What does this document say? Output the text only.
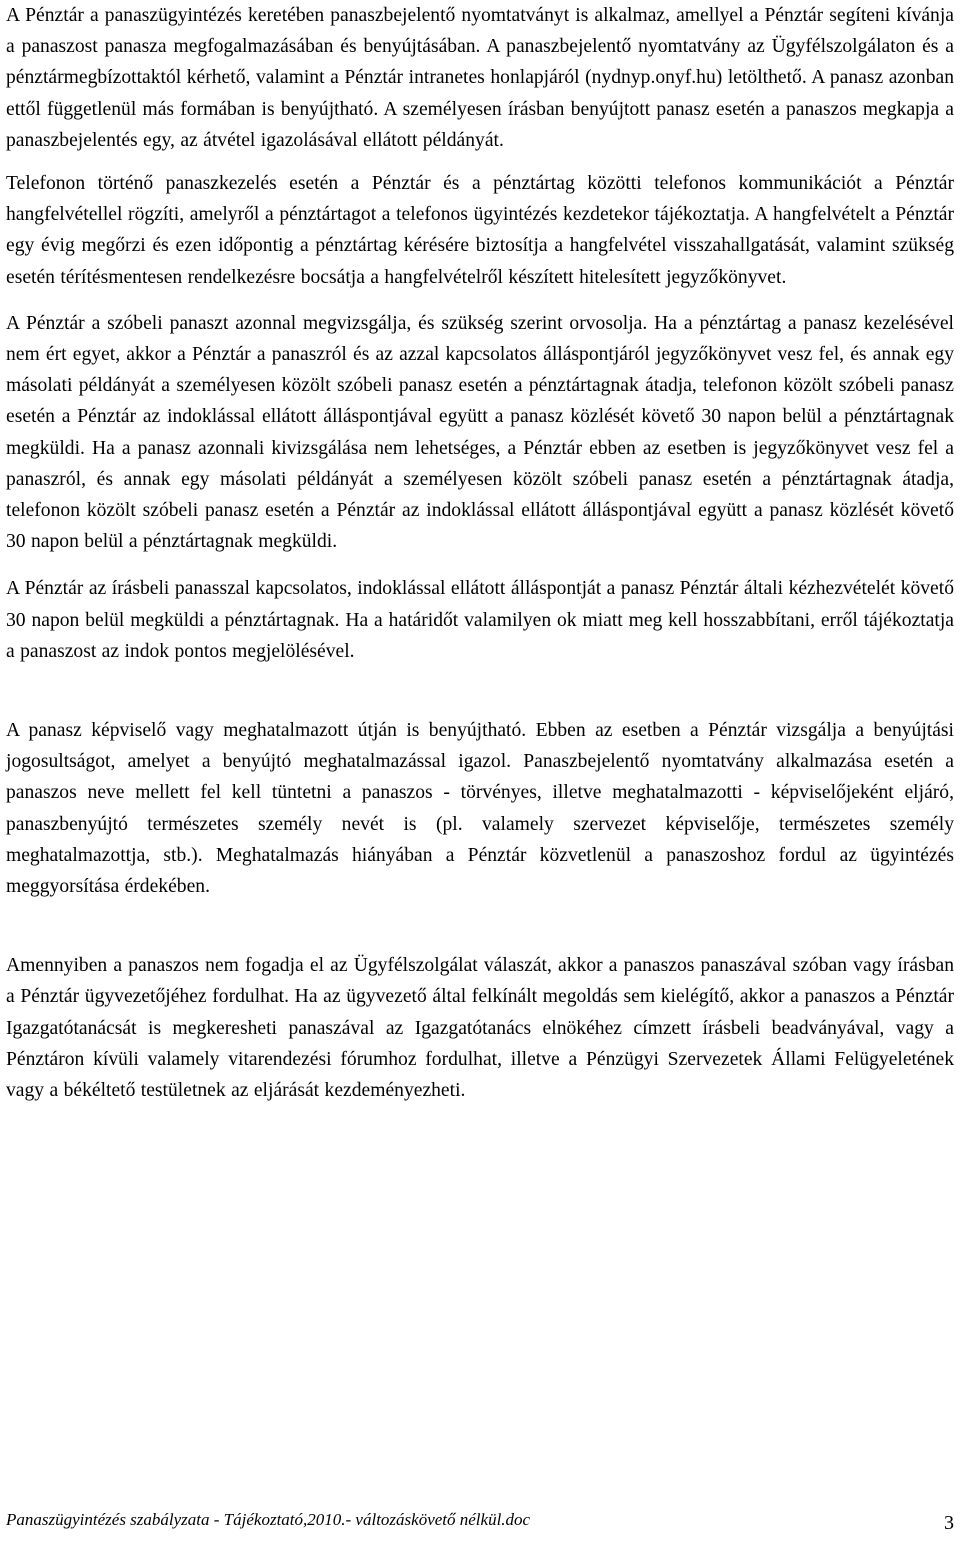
A Pénztár a panaszügyintézés keretében panaszbejelentő nyomtatványt is alkalmaz, amellyel a Pénztár segíteni kívánja a panaszost panasza megfogalmazásában és benyújtásában. A panaszbejelentő nyomtatvány az Ügyfélszolgálaton és a pénztármegbízottaktól kérhető, valamint a Pénztár intranetes honlapjáról (nydnyp.onyf.hu) letölthető. A panasz azonban ettől függetlenül más formában is benyújtható. A személyesen írásban benyújtott panasz esetén a panaszos megkapja a panaszbejelentés egy, az átvétel igazolásával ellátott példányát.

Telefonon történő panaszkezelés esetén a Pénztár és a pénztártag közötti telefonos kommunikációt a Pénztár hangfelvétellel rögzíti, amelyről a pénztártagot a telefonos ügyintézés kezdetekor tájékoztatja. A hangfelvételt a Pénztár egy évig megőrzi és ezen időpontig a pénztártag kérésére biztosítja a hangfelvétel visszahallgatását, valamint szükség esetén térítésmentesen rendelkezésre bocsátja a hangfelvételről készített hitelesített jegyzőkönyvet.

A Pénztár a szóbeli panaszt azonnal megvizsgálja, és szükség szerint orvosolja. Ha a pénztártag a panasz kezelésével nem ért egyet, akkor a Pénztár a panaszról és az azzal kapcsolatos álláspontjáról jegyzőkönyvet vesz fel, és annak egy másolati példányát a személyesen közölt szóbeli panasz esetén a pénztártagnak átadja, telefonon közölt szóbeli panasz esetén a Pénztár az indoklással ellátott álláspontjával együtt a panasz közlését követő 30 napon belül a pénztártagnak megküldi. Ha a panasz azonnali kivizsgálása nem lehetséges, a Pénztár ebben az esetben is jegyzőkönyvet vesz fel a panaszról, és annak egy másolati példányát a személyesen közölt szóbeli panasz esetén a pénztártagnak átadja, telefonon közölt szóbeli panasz esetén a Pénztár az indoklással ellátott álláspontjával együtt a panasz közlését követő 30 napon belül a pénztártagnak megküldi.

A Pénztár az írásbeli panasszal kapcsolatos, indoklással ellátott álláspontját a panasz Pénztár általi kézhezvételét követő 30 napon belül megküldi a pénztártagnak. Ha a határidőt valamilyen ok miatt meg kell hosszabbítani, erről tájékoztatja a panaszost az indok pontos megjelölésével.

A panasz képviselő vagy meghatalmazott útján is benyújtható. Ebben az esetben a Pénztár vizsgálja a benyújtási jogosultságot, amelyet a benyújtó meghatalmazással igazol. Panaszbejelentő nyomtatvány alkalmazása esetén a panaszos neve mellett fel kell tüntetni a panaszos - törvényes, illetve meghatalmazotti - képviselőjeként eljáró, panaszbenyújtó természetes személy nevét is (pl. valamely szervezet képviselője, természetes személy meghatalmazottja, stb.). Meghatalmazás hiányában a Pénztár közvetlenül a panaszoshoz fordul az ügyintézés meggyorsítása érdekében.

Amennyiben a panaszos nem fogadja el az Ügyfélszolgálat válaszát, akkor a panaszos panaszával szóban vagy írásban a Pénztár ügyvezetőjéhez fordulhat. Ha az ügyvezető által felkínált megoldás sem kielégítő, akkor a panaszos a Pénztár Igazgatótanácsát is megkeresheti panaszával az Igazgatótanács elnökéhez címzett írásbeli beadványával, vagy a Pénztáron kívüli valamely vitarendezési fórumhoz fordulhat, illetve a Pénzügyi Szervezetek Állami Felügyeletének vagy a békéltető testületnek az eljárását kezdeményezheti.

Panaszügyintézés szabályzata - Tájékoztató,2010.- változáskövető nélkül.doc	3
